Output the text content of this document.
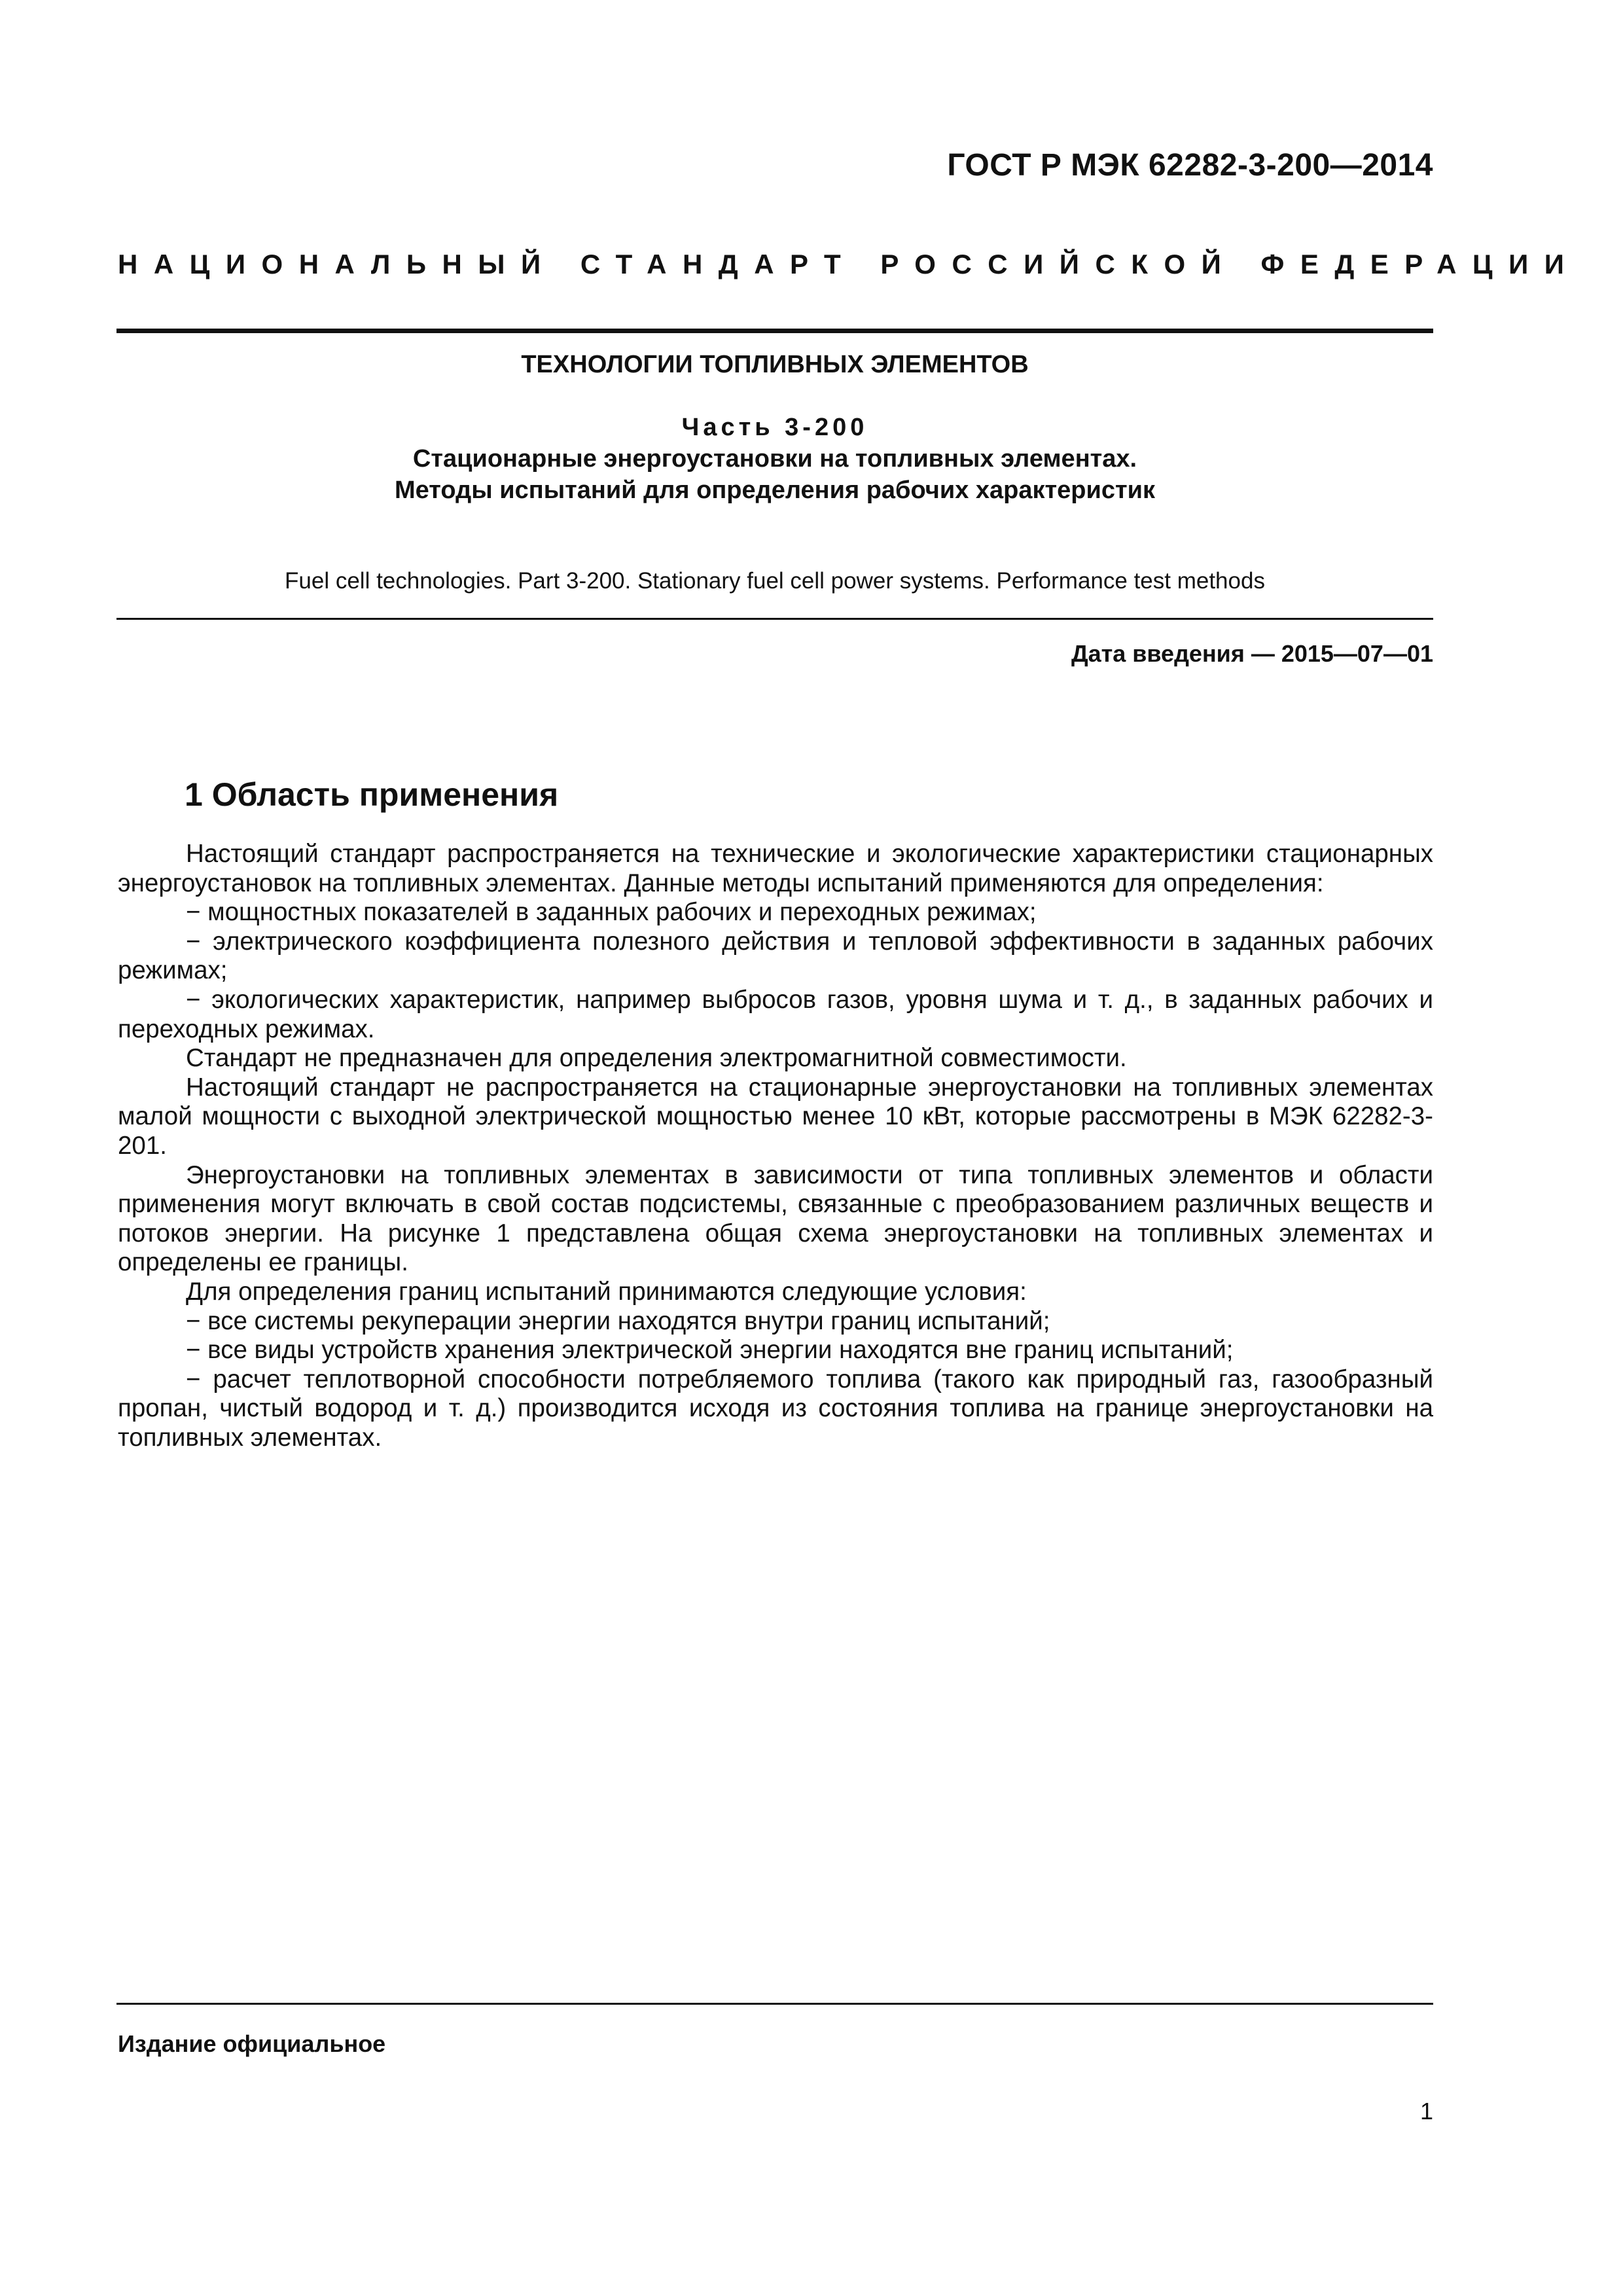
ГОСТ Р МЭК 62282-3-200—2014
НАЦИОНАЛЬНЫЙ СТАНДАРТ РОССИЙСКОЙ ФЕДЕРАЦИИ
ТЕХНОЛОГИИ ТОПЛИВНЫХ ЭЛЕМЕНТОВ
Часть 3-200
Стационарные энергоустановки на топливных элементах.
Методы испытаний для определения рабочих характеристик
Fuel cell technologies. Part 3-200. Stationary fuel cell power systems. Performance test methods
Дата введения — 2015—07—01
1 Область применения

Настоящий стандарт распространяется на технические и экологические характеристики стационарных энергоустановок на топливных элементах. Данные методы испытаний применяются для определения:

− мощностных показателей в заданных рабочих и переходных режимах;

− электрического коэффициента полезного действия и тепловой эффективности в заданных рабочих режимах;

− экологических характеристик, например выбросов газов, уровня шума и т. д., в заданных рабочих и переходных режимах.

Стандарт не предназначен для определения электромагнитной совместимости.

Настоящий стандарт не распространяется на стационарные энергоустановки на топливных элементах малой мощности с выходной электрической мощностью менее 10 кВт, которые рассмотрены в МЭК 62282-3-201.

Энергоустановки на топливных элементах в зависимости от типа топливных элементов и области применения могут включать в свой состав подсистемы, связанные с преобразованием различных веществ и потоков энергии. На рисунке 1 представлена общая схема энергоустановки на топливных элементах и определены ее границы.

Для определения границ испытаний принимаются следующие условия:

− все системы рекуперации энергии находятся внутри границ испытаний;

− все виды устройств хранения электрической энергии находятся вне границ испытаний;

− расчет теплотворной способности потребляемого топлива (такого как природный газ, газообразный пропан, чистый водород и т. д.) производится исходя из состояния топлива на границе энергоустановки на топливных элементах.

Издание официальное
1
